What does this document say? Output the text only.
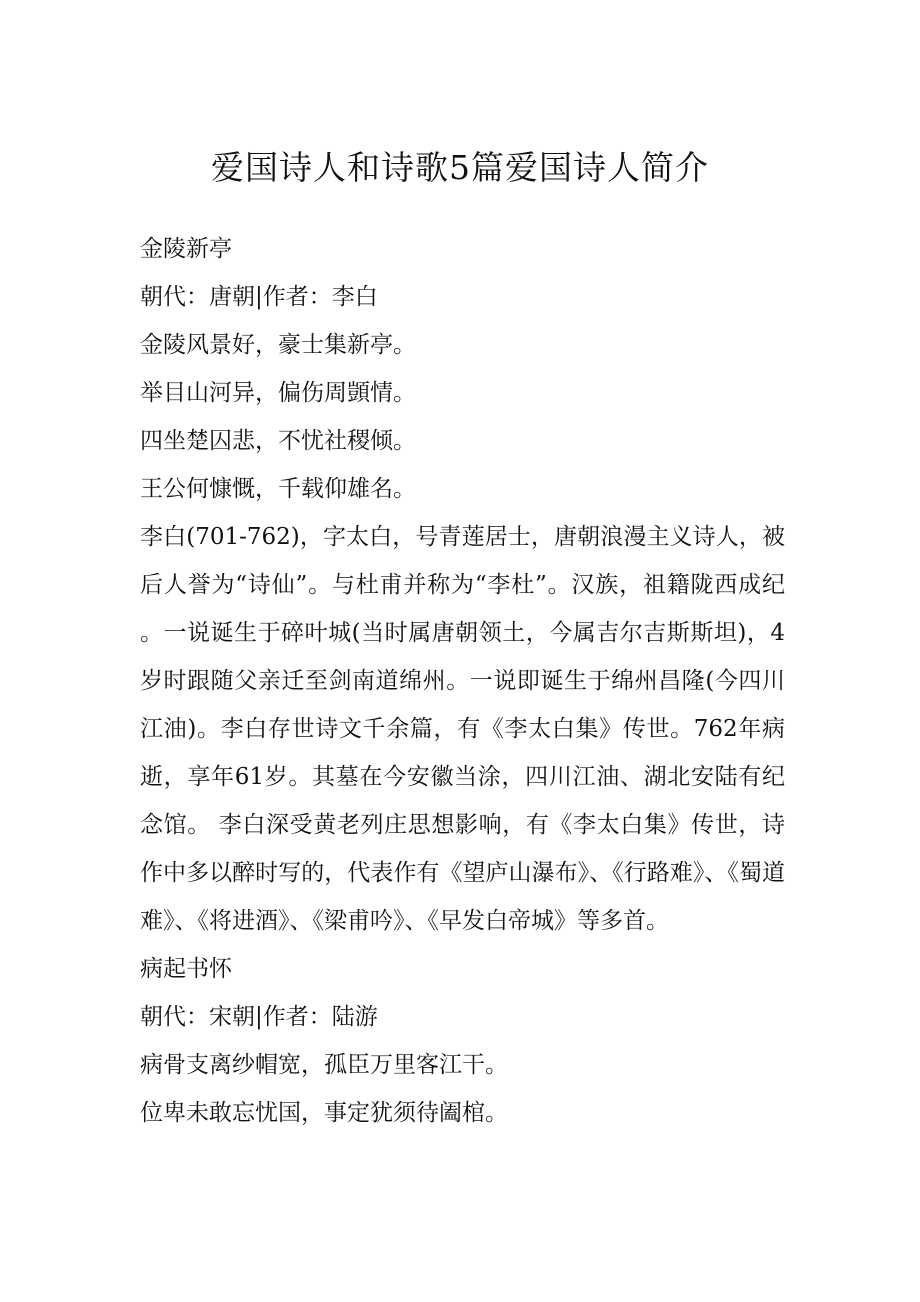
爱国诗人和诗歌5篇爱国诗人简介
金陵新亭
朝代：唐朝|作者：李白
金陵风景好，豪士集新亭。
举目山河异，偏伤周顗情。
四坐楚囚悲，不忧社稷倾。
王公何慷慨，千载仰雄名。
李白(701-762)，字太白，号青莲居士，唐朝浪漫主义诗人，被后人誉为“诗仙”。与杜甫并称为“李杜”。汉族，祖籍陇西成纪。一说诞生于碎叶城(当时属唐朝领土，今属吉尔吉斯斯坦)，4岁时跟随父亲迁至剑南道绵州。一说即诞生于绵州昌隆(今四川江油)。李白存世诗文千余篇，有《李太白集》传世。762年病逝，享年61岁。其墓在今安徽当涂，四川江油、湖北安陆有纪念馆。 李白深受黄老列庄思想影响，有《李太白集》传世，诗作中多以醉时写的，代表作有《望庐山瀑布》、《行路难》、《蜀道难》、《将进酒》、《梁甫吟》、《早发白帝城》等多首。
病起书怀
朝代：宋朝|作者：陆游
病骨支离纱帽宽，孤臣万里客江干。
位卑未敢忘忧国，事定犹须待阖棺。
